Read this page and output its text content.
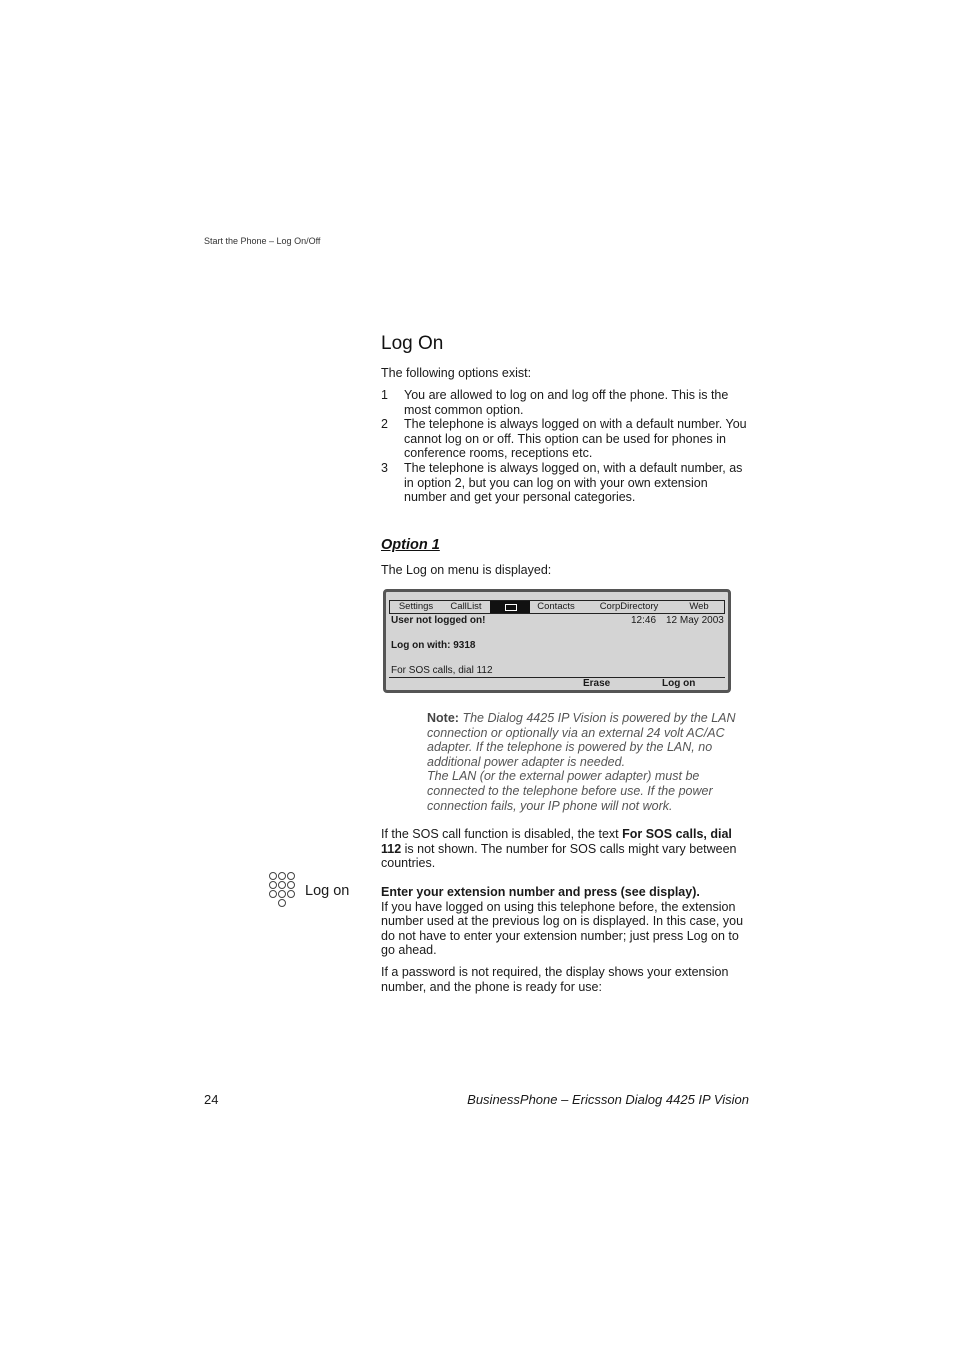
Start the Phone – Log On/Off
Log On
The following options exist:
1	You are allowed to log on and log off the phone. This is the most common option.
2	The telephone is always logged on with a default number. You cannot log on or off. This option can be used for phones in conference rooms, receptions etc.
3	The telephone is always logged on, with a default number, as in option 2, but you can log on with your own extension number and get your personal categories.
Option 1
The Log on menu is displayed:
Settings	CallList	Contacts	CorpDirectory	Web
User not logged on!	12:46 12 May 2003
Log on with: 9318
For SOS calls, dial 112
Erase	Log on
Note: The Dialog 4425 IP Vision is powered by the LAN connection or optionally via an external 24 volt AC/AC adapter. If the telephone is powered by the LAN, no additional power adapter is needed.
The LAN (or the external power adapter) must be connected to the telephone before use. If the power connection fails, your IP phone will not work.
If the SOS call function is disabled, the text For SOS calls, dial 112 is not shown. The number for SOS calls might vary between countries.
Log on	Enter your extension number and press (see display).
If you have logged on using this telephone before, the extension number used at the previous log on is displayed. In this case, you do not have to enter your extension number; just press Log on to go ahead.
If a password is not required, the display shows your extension number, and the phone is ready for use:
24	BusinessPhone – Ericsson Dialog 4425 IP Vision
